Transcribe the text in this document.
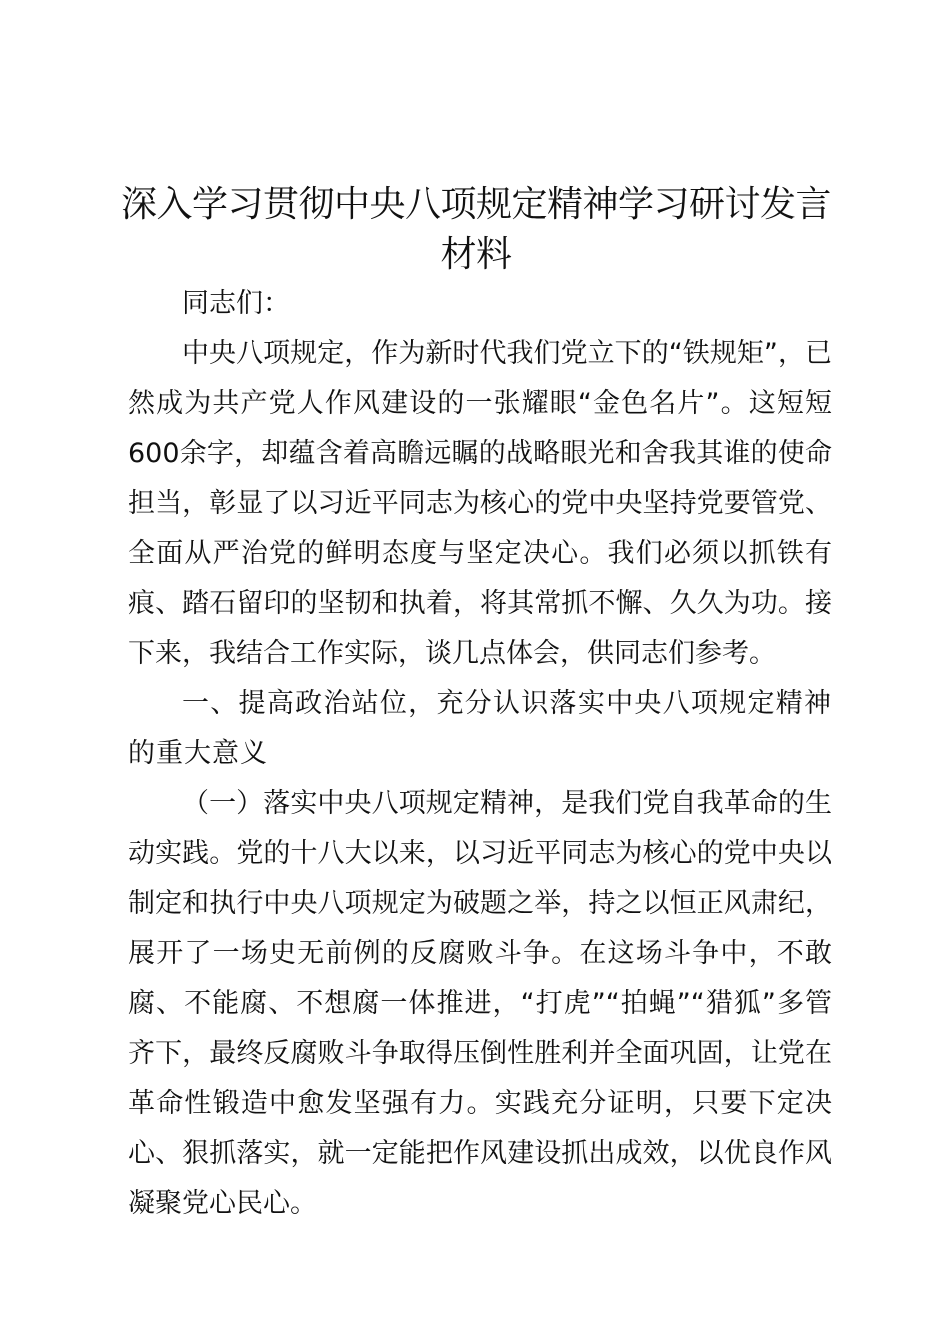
深入学习贯彻中央八项规定精神学习研讨发言材料

同志们：

中央八项规定，作为新时代我们党立下的“铁规矩”，已然成为共产党人作风建设的一张耀眼“金色名片”。这短短600余字，却蕴含着高瞻远瞩的战略眼光和舍我其谁的使命担当，彰显了以习近平同志为核心的党中央坚持党要管党、全面从严治党的鲜明态度与坚定决心。我们必须以抓铁有痕、踏石留印的坚韧和执着，将其常抓不懈、久久为功。接下来，我结合工作实际，谈几点体会，供同志们参考。

一、提高政治站位，充分认识落实中央八项规定精神的重大意义

（一）落实中央八项规定精神，是我们党自我革命的生动实践。党的十八大以来，以习近平同志为核心的党中央以制定和执行中央八项规定为破题之举，持之以恒正风肃纪，展开了一场史无前例的反腐败斗争。在这场斗争中，不敢腐、不能腐、不想腐一体推进，“打虎”“拍蝇”“猎狐”多管齐下，最终反腐败斗争取得压倒性胜利并全面巩固，让党在革命性锻造中愈发坚强有力。实践充分证明，只要下定决心、狠抓落实，就一定能把作风建设抓出成效，以优良作风凝聚党心民心。
